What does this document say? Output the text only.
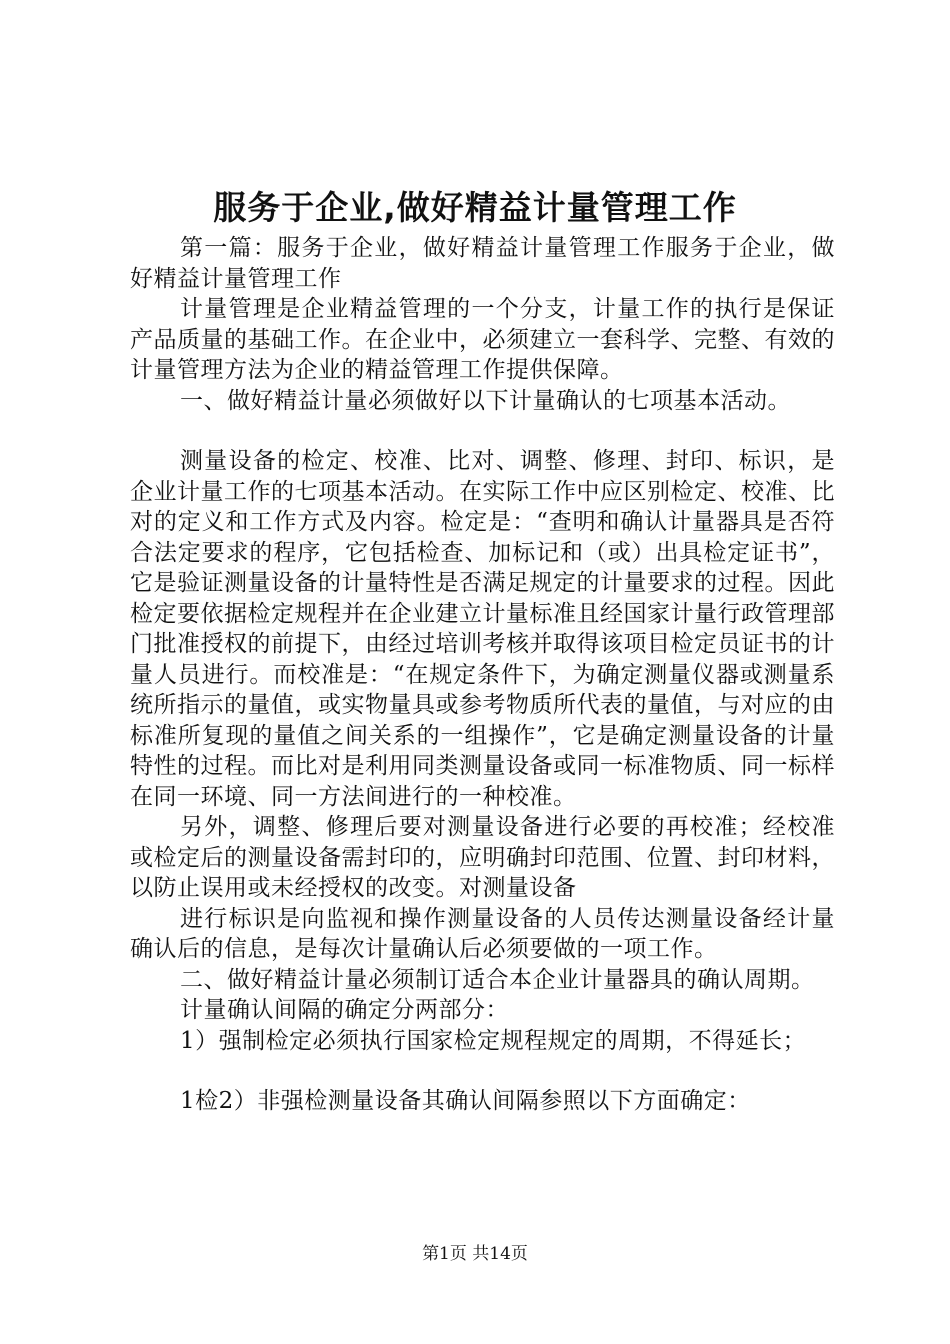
服务于企业,做好精益计量管理工作

第一篇：服务于企业，做好精益计量管理工作服务于企业，做好精益计量管理工作

计量管理是企业精益管理的一个分支，计量工作的执行是保证产品质量的基础工作。在企业中，必须建立一套科学、完整、有效的计量管理方法为企业的精益管理工作提供保障。

一、做好精益计量必须做好以下计量确认的七项基本活动。

测量设备的检定、校准、比对、调整、修理、封印、标识，是企业计量工作的七项基本活动。在实际工作中应区别检定、校准、比对的定义和工作方式及内容。检定是：“查明和确认计量器具是否符合法定要求的程序，它包括检查、加标记和（或）出具检定证书”，它是验证测量设备的计量特性是否满足规定的计量要求的过程。因此检定要依据检定规程并在企业建立计量标准且经国家计量行政管理部门批准授权的前提下，由经过培训考核并取得该项目检定员证书的计量人员进行。而校准是：“在规定条件下，为确定测量仪器或测量系统所指示的量值，或实物量具或参考物质所代表的量值，与对应的由标准所复现的量值之间关系的一组操作”，它是确定测量设备的计量特性的过程。而比对是利用同类测量设备或同一标准物质、同一标样在同一环境、同一方法间进行的一种校准。

另外，调整、修理后要对测量设备进行必要的再校准；经校准或检定后的测量设备需封印的，应明确封印范围、位置、封印材料，以防止误用或未经授权的改变。对测量设备

进行标识是向监视和操作测量设备的人员传达测量设备经计量确认后的信息，是每次计量确认后必须要做的一项工作。

二、做好精益计量必须制订适合本企业计量器具的确认周期。

计量确认间隔的确定分两部分：

1）强制检定必须执行国家检定规程规定的周期，不得延长；

1检2）非强检测量设备其确认间隔参照以下方面确定：

第1页 共14页
